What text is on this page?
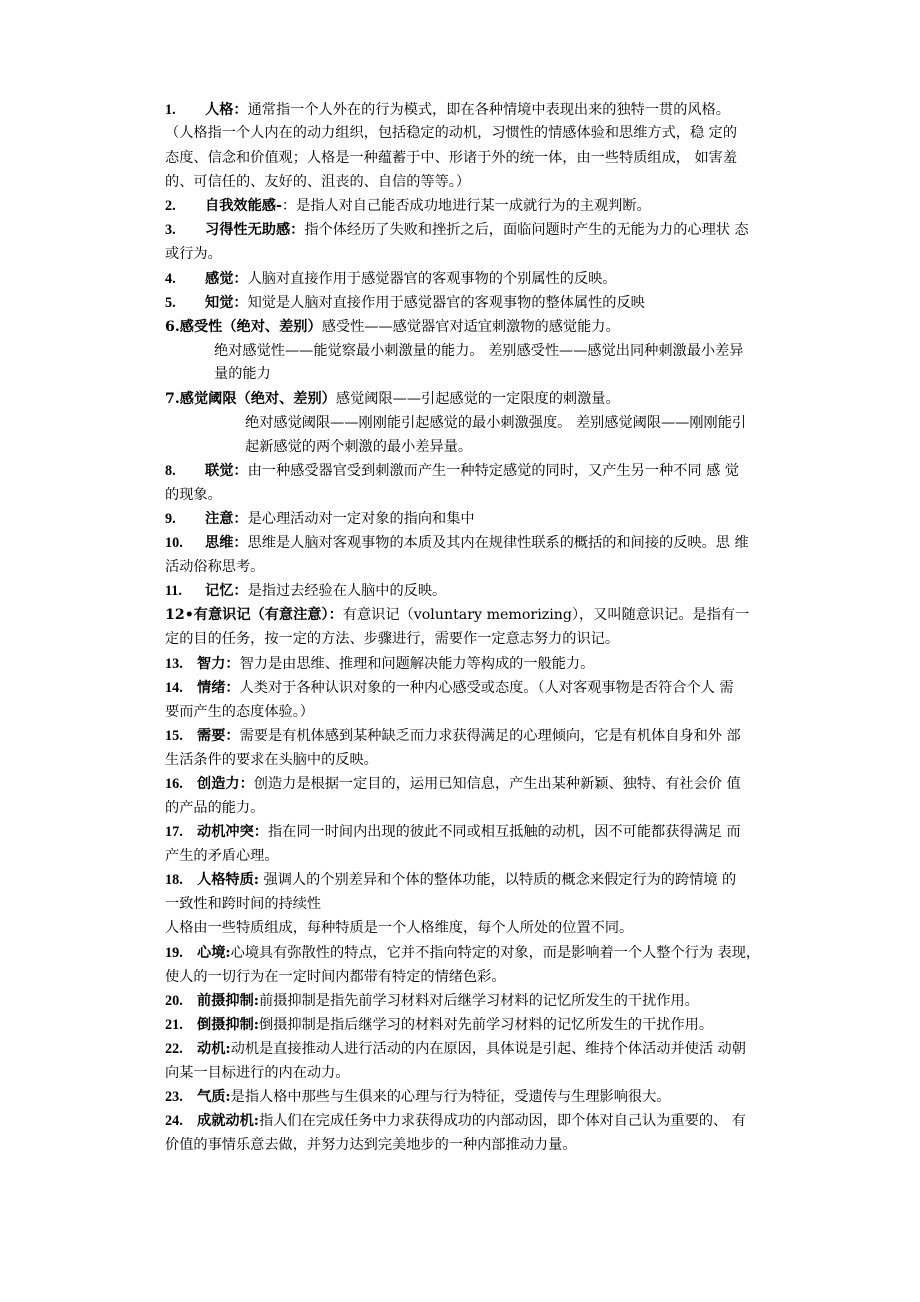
1. 人格：通常指一个人外在的行为模式，即在各种情境中表现出来的独特一贯的风格。
（人格指一个人内在的动力组织，包括稳定的动机，习惯性的情感体验和思维方式，稳 定的
态度、信念和价值观；人格是一种蕴蓄于中、形诸于外的统一体，由一些特质组成， 如害羞
的、可信任的、友好的、沮丧的、自信的等等。）
2. 自我效能感-：是指人对自己能否成功地进行某一成就行为的主观判断。
3. 习得性无助感：指个体经历了失败和挫折之后，面临问题时产生的无能为力的心理状 态
或行为。
4. 感觉：人脑对直接作用于感觉器官的客观事物的个别属性的反映。
5. 知觉：知觉是人脑对直接作用于感觉器官的客观事物的整体属性的反映
6.感受性（绝对、差别）感受性——感觉器官对适宜刺激物的感觉能力。
绝对感觉性——能觉察最小刺激量的能力。 差别感受性——感觉出同种刺激最小差异
量的能力
7.感觉阈限（绝对、差别）感觉阈限——引起感觉的一定限度的刺激量。
绝对感觉阈限——刚刚能引起感觉的最小刺激强度。 差别感觉阈限——刚刚能引
起新感觉的两个刺激的最小差异量。
8. 联觉：由一种感受器官受到刺激而产生一种特定感觉的同时，又产生另一种不同 感 觉
的现象。
9. 注意：是心理活动对一定对象的指向和集中
10. 思维：思维是人脑对客观事物的本质及其内在规律性联系的概括的和间接的反映。思 维
活动俗称思考。
11. 记忆：是指过去经验在人脑中的反映。
12•有意识记（有意注意）：有意识记（voluntary memorizing），又叫随意识记。是指有一
定的目的任务，按一定的方法、步骤进行，需要作一定意志努力的识记。
13. 智力：智力是由思维、推理和问题解决能力等构成的一般能力。
14. 情绪：人类对于各种认识对象的一种内心感受或态度。（人对客观事物是否符合个人 需
要而产生的态度体验。）
15. 需要：需要是有机体感到某种缺乏而力求获得满足的心理倾向，它是有机体自身和外 部
生活条件的要求在头脑中的反映。
16. 创造力：创造力是根据一定目的，运用已知信息，产生出某种新颖、独特、有社会价 值
的产品的能力。
17. 动机冲突：指在同一时间内出现的彼此不同或相互抵触的动机，因不可能都获得满足 而
产生的矛盾心理。
18. 人格特质: 强调人的个别差异和个体的整体功能，以特质的概念来假定行为的跨情境 的
一致性和跨时间的持续性
人格由一些特质组成，每种特质是一个人格维度，每个人所处的位置不同。
19. 心境:心境具有弥散性的特点，它并不指向特定的对象，而是影响着一个人整个行为 表现，
使人的一切行为在一定时间内都带有特定的情绪色彩。
20. 前摄抑制:前摄抑制是指先前学习材料对后继学习材料的记忆所发生的干扰作用。
21. 倒摄抑制:倒摄抑制是指后继学习的材料对先前学习材料的记忆所发生的干扰作用。
22. 动机:动机是直接推动人进行活动的内在原因，具体说是引起、维持个体活动并使活 动朝
向某一目标进行的内在动力。
23. 气质:是指人格中那些与生俱来的心理与行为特征，受遗传与生理影响很大。
24. 成就动机:指人们在完成任务中力求获得成功的内部动因，即个体对自己认为重要的、 有
价值的事情乐意去做，并努力达到完美地步的一种内部推动力量。
